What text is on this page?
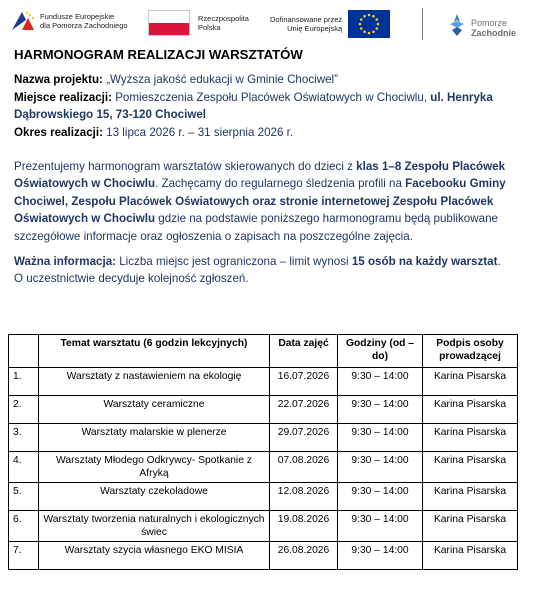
Fundusze Europejskie
dla Pomorza Zachodniego
Rzeczpospolita
Polska
Dofinansowane przez
Unię Europejską
Pomorze
Zachodnie
HARMONOGRAM REALIZACJI WARSZTATÓW

Nazwa projektu: „Wyższa jakość edukacji w Gminie Chociwel”

Miejsce realizacji: Pomieszczenia Zespołu Placówek Oświatowych w Chociwlu, ul. Henryka Dąbrowskiego 15, 73-120 Chociwel

Okres realizacji: 13 lipca 2026 r. – 31 sierpnia 2026 r.

Prezentujemy harmonogram warsztatów skierowanych do dzieci z klas 1–8 Zespołu Placówek Oświatowych w Chociwlu. Zachęcamy do regularnego śledzenia profili na Facebooku Gminy Chociwel, Zespołu Placówek Oświatowych oraz stronie internetowej Zespołu Placówek Oświatowych w Chociwlu gdzie na podstawie poniższego harmonogramu będą publikowane szczegółowe informacje oraz ogłoszenia o zapisach na poszczególne zajęcia.

Ważna informacja: Liczba miejsc jest ograniczona – limit wynosi 15 osób na każdy warsztat.
O uczestnictwie decyduje kolejność zgłoszeń.

	Temat warsztatu (6 godzin lekcyjnych)	Data zajęć	Godziny (od – do)	Podpis osoby prowadzącej
1.	Warsztaty z nastawieniem na ekologię	16.07.2026	9:30 – 14:00	Karina Pisarska
2.	Warsztaty ceramiczne	22.07.2026	9:30 – 14:00	Karina Pisarska
3.	Warsztaty malarskie w plenerze	29.07.2026	9:30 – 14:00	Karina Pisarska
4.	Warsztaty Młodego Odkrywcy- Spotkanie z Afryką	07.08.2026	9:30 – 14:00	Karina Pisarska
5.	Warsztaty czekoladowe	12.08.2026	9:30 – 14:00	Karina Pisarska
6.	Warsztaty tworzenia naturalnych i ekologicznych świec	19.08.2026	9:30 – 14:00	Karina Pisarska
7.	Warsztaty szycia własnego EKO MISIA	26.08.2026	9:30 – 14:00	Karina Pisarska
